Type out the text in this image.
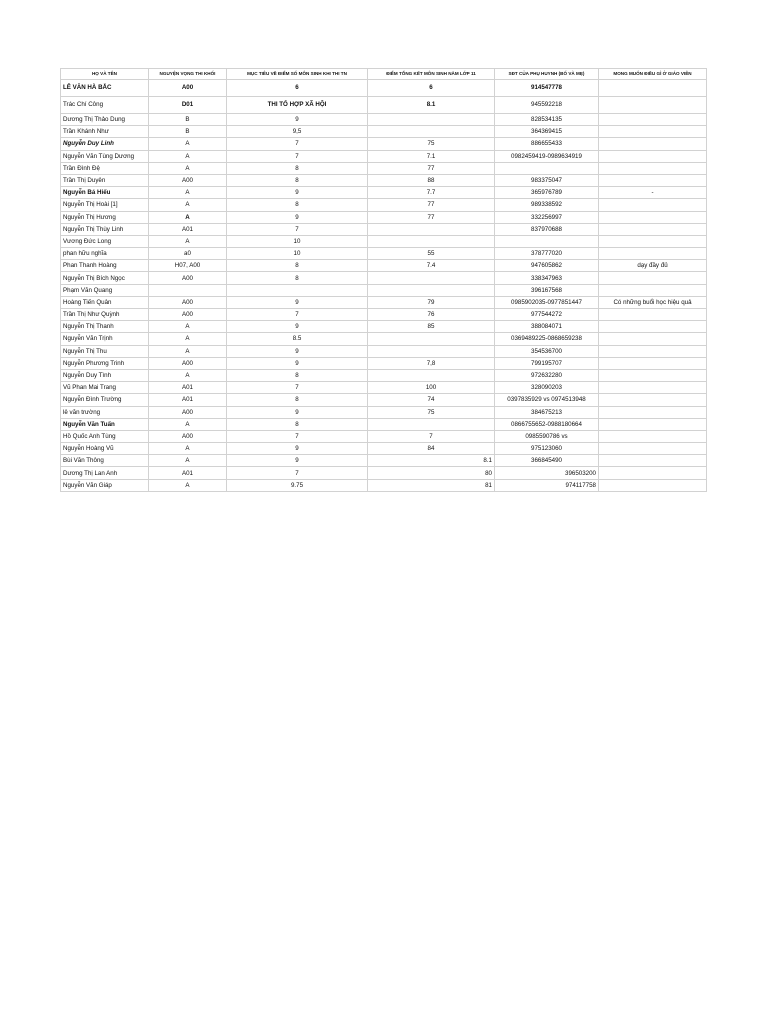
HỌ VÀ TÊN	NGUYỆN VỌNG THI KHỐI	MỤC TIÊU VỀ ĐIỂM SỐ MÔN SINH KHI THI TN	ĐIỂM TỔNG KẾT MÔN SINH NĂM LỚP 11	SĐT CỦA PHỤ HUYNH (BỐ VÀ MẸ)	MONG MUỐN ĐIỀU GÌ Ở GIÁO VIÊN
LÊ VĂN HÀ BẮC	A00	6	6	914547778	
Trác Chí Công	D01	THI TỔ HỢP XÃ HỘI	8.1	945592218	
Dương Thị Thảo Dung	B	9		828534135	
Trần Khánh Như	B	9,5		364369415	
Nguyễn Duy Linh	A	7	75	886655433	
Nguyễn Văn Tùng Dương	A	7	7.1	0982459419-0989634919	
Trần Đình Đệ	A	8	77		
Trần Thị Duyên	A00	8	88	983375047	
Nguyễn Bá Hiếu	A	9	7.7	365976789	-
Nguyễn Thị Hoài [1]	A	8	77	989338592	
Nguyễn Thị Hương	A	9	77	332256997	
Nguyễn Thị Thùy Linh	A01	7		837970688	
Vương Đức Long	A	10			
phan hữu nghĩa	a0	10	55	378777020	
Phan Thanh Hoàng	H07, A00	8	7.4	947605862	dạy đầy đủ
Nguyễn Thị Bích Ngọc	A00	8		338347963	
Phạm Văn Quang				396167568	
Hoàng Tiến Quân	A00	9	79	0985902035-0977851447	Có những buổi học hiệu quả
Trần Thị Như Quỳnh	A00	7	76	977544272	
Nguyễn Thị Thanh	A	9	85	388084071	
Nguyễn Văn Trịnh	A	8.5		0369489225-0868659238	
Nguyễn Thị Thu	A	9		354536700	
Nguyễn Phương Trinh	A00	9	7,8	799195707	
Nguyễn Duy Tình	A	8		972632280	
Vũ Phan Mai Trang	A01	7	100	328090203	
Nguyễn Đình Trường	A01	8	74	0397835929 vs 0974513948	
lê văn trường	A00	9	75	384675213	
Nguyễn Văn Tuấn	A	8		0866755652-0988180664	
Hồ Quốc Anh Tùng	A00	7	7	0985590786 vs	
Nguyễn Hoàng Vũ	A	9	84	975123060	
Bùi Văn Thông	A	9	8.1	366845490	
Dương Thị Lan Anh	A01	7	80	396503200	
Nguyễn Văn Giáp	A	9.75	81	974117758	
